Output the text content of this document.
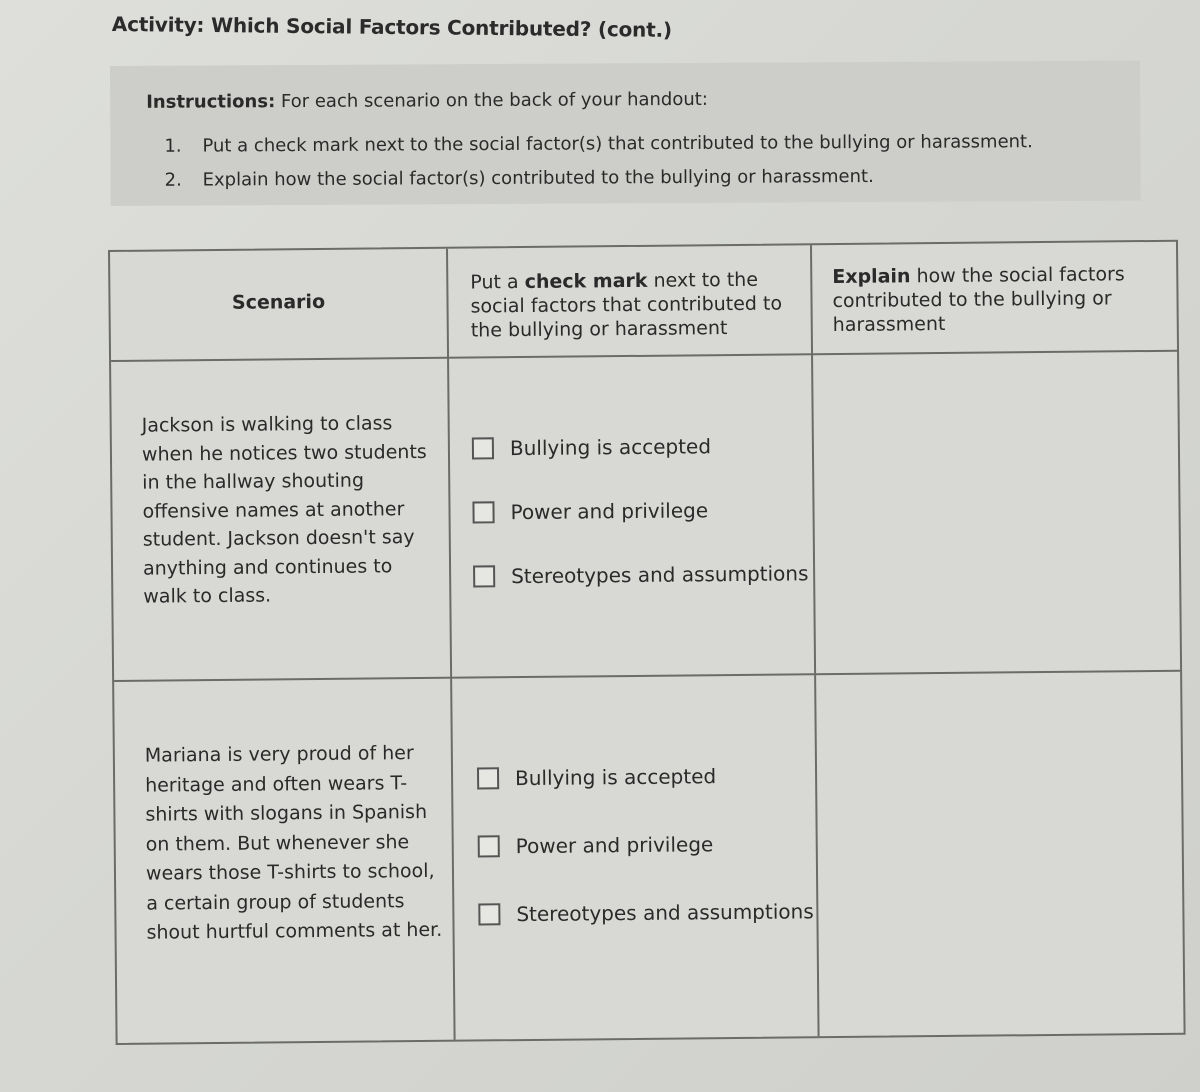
Activity: Which Social Factors Contributed? (cont.)
Instructions: For each scenario on the back of your handout:
1. Put a check mark next to the social factor(s) that contributed to the bullying or harassment.
2. Explain how the social factor(s) contributed to the bullying or harassment.
Scenario
Put a check mark next to the social factors that contributed to the bullying or harassment
Explain how the social factors contributed to the bullying or harassment
Jackson is walking to class when he notices two students in the hallway shouting offensive names at another student. Jackson doesn't say anything and continues to walk to class.
Bullying is accepted
Power and privilege
Stereotypes and assumptions
Mariana is very proud of her heritage and often wears T-shirts with slogans in Spanish on them. But whenever she wears those T-shirts to school, a certain group of students shout hurtful comments at her.
Bullying is accepted
Power and privilege
Stereotypes and assumptions
